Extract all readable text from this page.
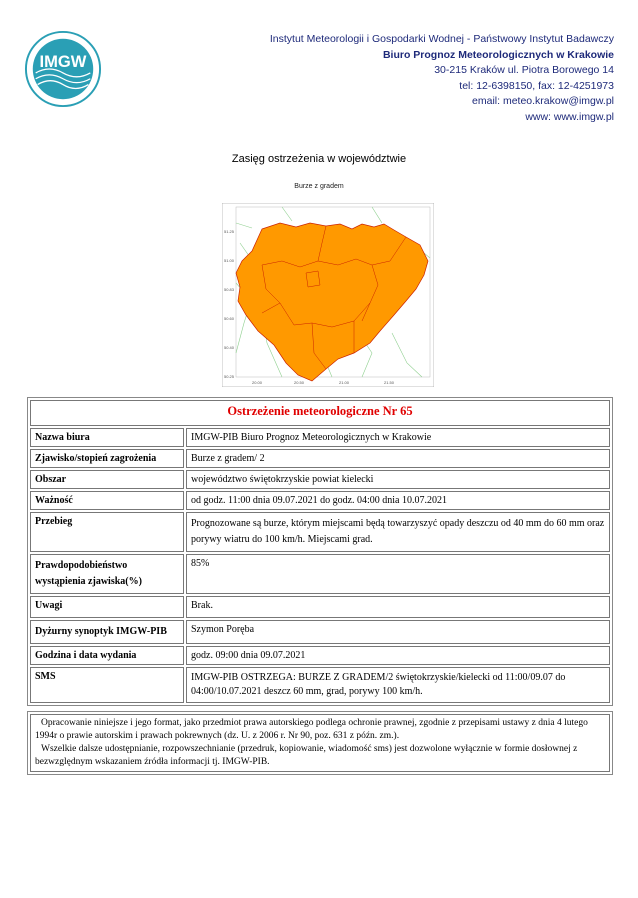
IMGW
Instytut Meteorologii i Gospodarki Wodnej - Państwowy Instytut Badawczy
Biuro Prognoz Meteorologicznych w Krakowie
30-215 Kraków ul. Piotra Borowego 14
tel: 12-6398150, fax: 12-4251973
email: meteo.krakow@imgw.pl
www: www.imgw.pl
Zasięg ostrzeżenia w województwie
Burze z gradem
51.25
51.00
50.83
50.60
50.40
50.25
20.00	20.50	21.00	21.50
Ostrzeżenie meteorologiczne Nr 65	
Nazwa biura	IMGW-PIB Biuro Prognoz Meteorologicznych w Krakowie
Zjawisko/stopień zagrożenia	Burze z gradem/ 2
Obszar	województwo świętokrzyskie powiat kielecki
Ważność	od godz. 11:00 dnia 09.07.2021 do godz. 04:00 dnia 10.07.2021
Przebieg	Prognozowane są burze, którym miejscami będą towarzyszyć opady deszczu od 40 mm do 60 mm oraz porywy wiatru do 100 km/h. Miejscami grad.
Prawdopodobieństwo wystąpienia zjawiska(%)	85%
Uwagi	Brak.
Dyżurny synoptyk IMGW-PIB	Szymon Poręba
Godzina i data wydania	godz. 09:00 dnia 09.07.2021
SMS	IMGW-PIB OSTRZEGA: BURZE Z GRADEM/2 świętokrzyskie/kielecki od 11:00/09.07 do 04:00/10.07.2021 deszcz 60 mm, grad, porywy 100 km/h.

Opracowanie niniejsze i jego format, jako przedmiot prawa autorskiego podlega ochronie prawnej, zgodnie z przepisami ustawy z dnia 4 lutego 1994r o prawie autorskim i prawach pokrewnych (dz. U. z 2006 r. Nr 90, poz. 631 z późn. zm.).

Wszelkie dalsze udostępnianie, rozpowszechnianie (przedruk, kopiowanie, wiadomość sms) jest dozwolone wyłącznie w formie dosłownej z bezwzględnym wskazaniem źródła informacji tj. IMGW-PIB.
